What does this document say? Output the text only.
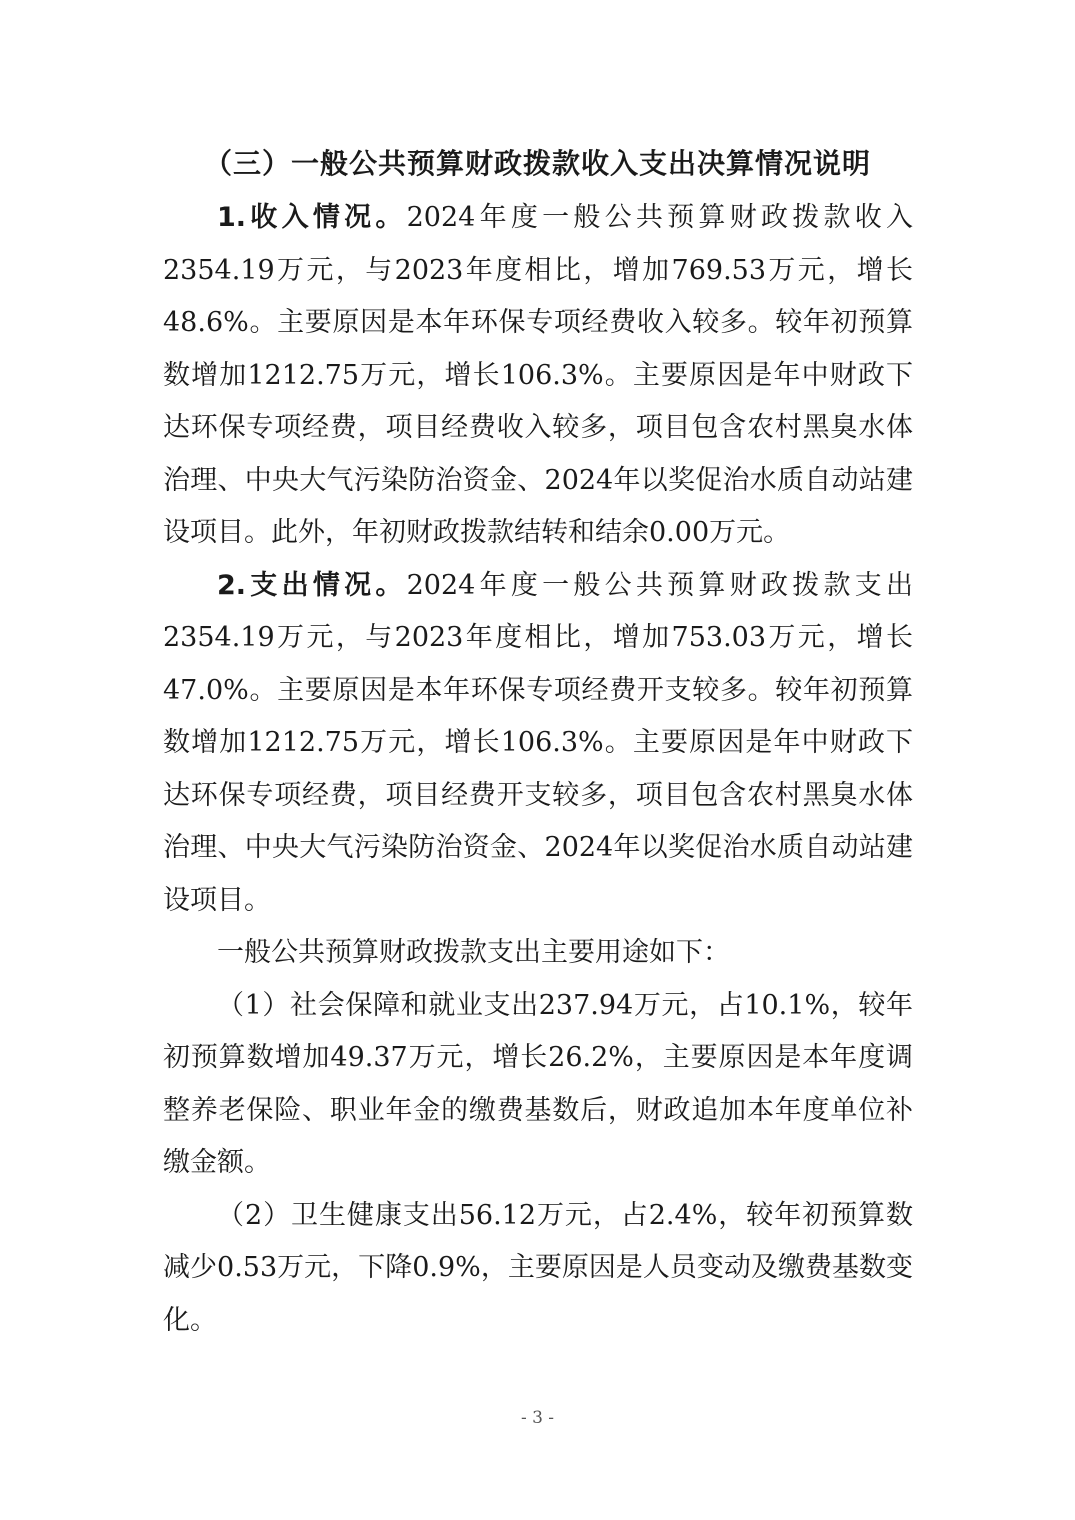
（三）一般公共预算财政拨款收入支出决算情况说明

1.收入情况。2024年度一般公共预算财政拨款收入2354.19万元，与2023年度相比，增加769.53万元，增长48.6%。主要原因是本年环保专项经费收入较多。较年初预算数增加1212.75万元，增长106.3%。主要原因是年中财政下达环保专项经费，项目经费收入较多，项目包含农村黑臭水体治理、中央大气污染防治资金、2024年以奖促治水质自动站建设项目。此外，年初财政拨款结转和结余0.00万元。

2.支出情况。2024年度一般公共预算财政拨款支出2354.19万元，与2023年度相比，增加753.03万元，增长47.0%。主要原因是本年环保专项经费开支较多。较年初预算数增加1212.75万元，增长106.3%。主要原因是年中财政下达环保专项经费，项目经费开支较多，项目包含农村黑臭水体治理、中央大气污染防治资金、2024年以奖促治水质自动站建设项目。

一般公共预算财政拨款支出主要用途如下：

（1）社会保障和就业支出237.94万元，占10.1%，较年初预算数增加49.37万元，增长26.2%，主要原因是本年度调整养老保险、职业年金的缴费基数后，财政追加本年度单位补缴金额。

（2）卫生健康支出56.12万元，占2.4%，较年初预算数减少0.53万元，下降0.9%，主要原因是人员变动及缴费基数变化。

- 3 -
